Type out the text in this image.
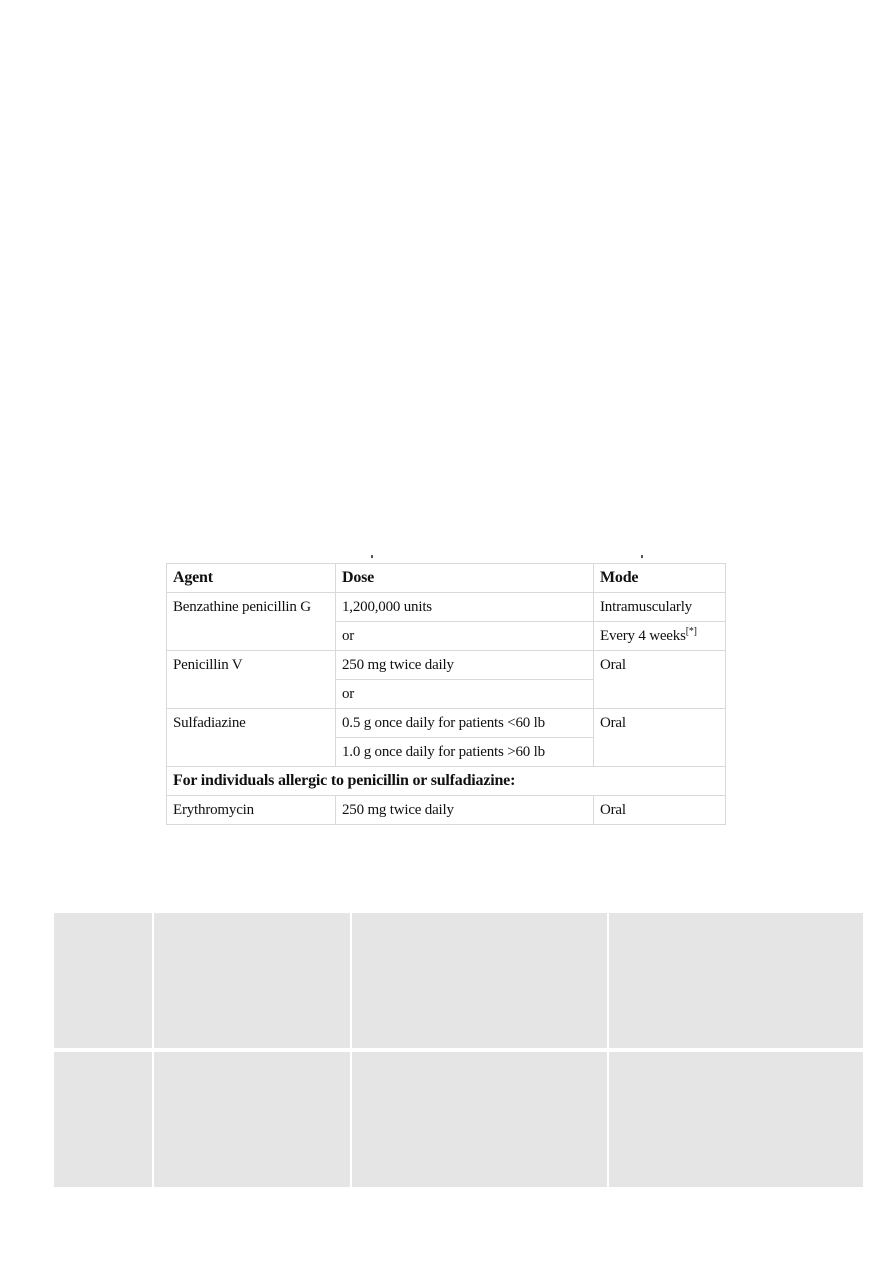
Agent	Dose	Mode
Benzathine penicillin G	1,200,000 units	Intramuscularly
	or	Every 4 weeks[*]
Penicillin V	250 mg twice daily	Oral
	or	
Sulfadiazine	0.5 g once daily for patients <60 lb	Oral
	1.0 g once daily for patients >60 lb	
For individuals allergic to penicillin or sulfadiazine:		
Erythromycin	250 mg twice daily	Oral
